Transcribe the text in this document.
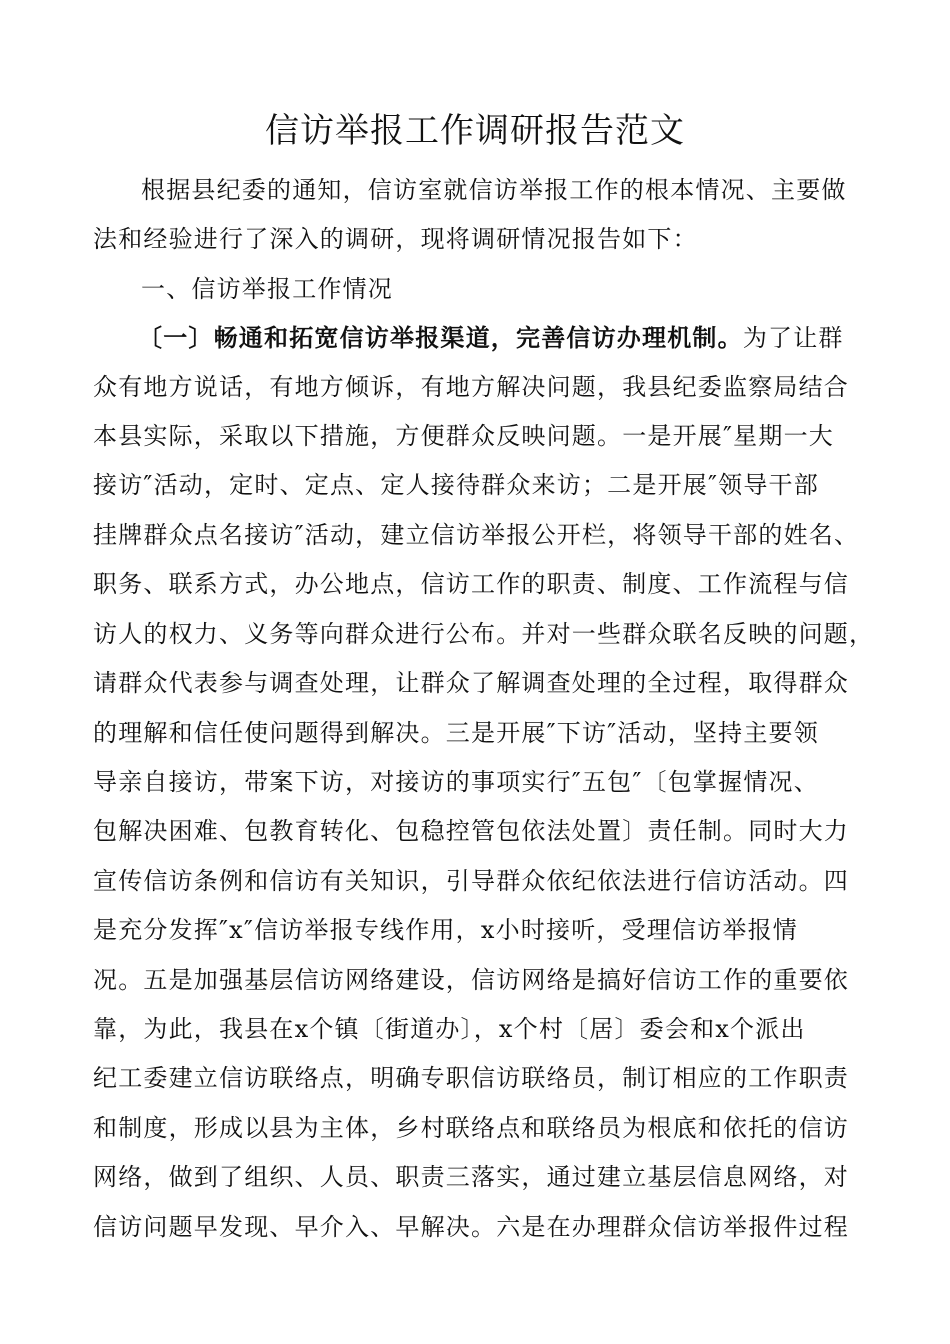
信访举报工作调研报告范文
根据县纪委的通知，信访室就信访举报工作的根本情况、主要做
法和经验进行了深入的调研，现将调研情况报告如下：
一、信访举报工作情况
〔一〕畅通和拓宽信访举报渠道，完善信访办理机制。为了让群
众有地方说话，有地方倾诉，有地方解决问题，我县纪委监察局结合
本县实际，采取以下措施，方便群众反映问题。一是开展″星期一大
接访″活动，定时、定点、定人接待群众来访；二是开展″领导干部
挂牌群众点名接访″活动，建立信访举报公开栏，将领导干部的姓名、
职务、联系方式，办公地点，信访工作的职责、制度、工作流程与信
访人的权力、义务等向群众进行公布。并对一些群众联名反映的问题，
请群众代表参与调查处理，让群众了解调查处理的全过程，取得群众
的理解和信任使问题得到解决。三是开展″下访″活动，坚持主要领
导亲自接访，带案下访，对接访的事项实行″五包″〔包掌握情况、
包解决困难、包教育转化、包稳控管包依法处置〕责任制。同时大力
宣传信访条例和信访有关知识，引导群众依纪依法进行信访活动。四
是充分发挥″x″信访举报专线作用，x小时接听，受理信访举报情
况。五是加强基层信访网络建设，信访网络是搞好信访工作的重要依
靠，为此，我县在x个镇〔街道办〕，x个村〔居〕委会和x个派出
纪工委建立信访联络点，明确专职信访联络员，制订相应的工作职责
和制度，形成以县为主体，乡村联络点和联络员为根底和依托的信访
网络，做到了组织、人员、职责三落实，通过建立基层信息网络，对
信访问题早发现、早介入、早解决。六是在办理群众信访举报件过程
